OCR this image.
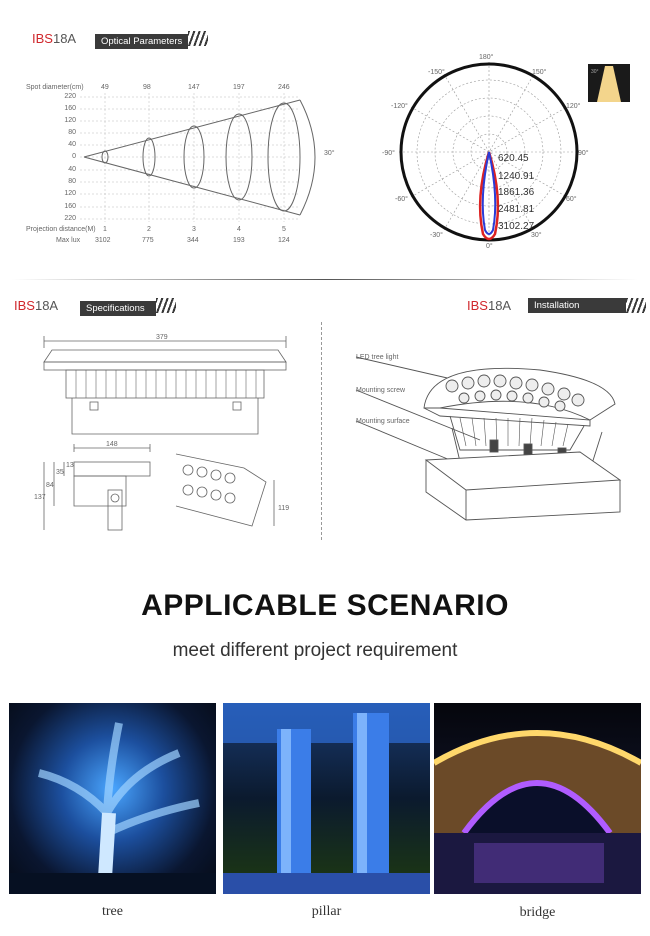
IBS18A	Optical Parameters
Spot diameter(cm) 49	98	147	197	246
220
160
120
80
40
0
40
80
120
160
220
30°
Projection distance(M) 1	2	3	4	5
Max lux 3102	775	344	193	124
180°
150°
-150°
120°
-120°
90°
-90°
60°
-60°
30°
-30°
0°
620.45
1240.91
1861.36
2481.81
3102.27
30°
IBS18A	Specifications
379
148
13
35
84
137
119
IBS18A	Installation instruction
LED tree light
Mounting screw
Mounting surface
APPLICABLE SCENARIO
meet different project requirement
tree	pillar	bridge
